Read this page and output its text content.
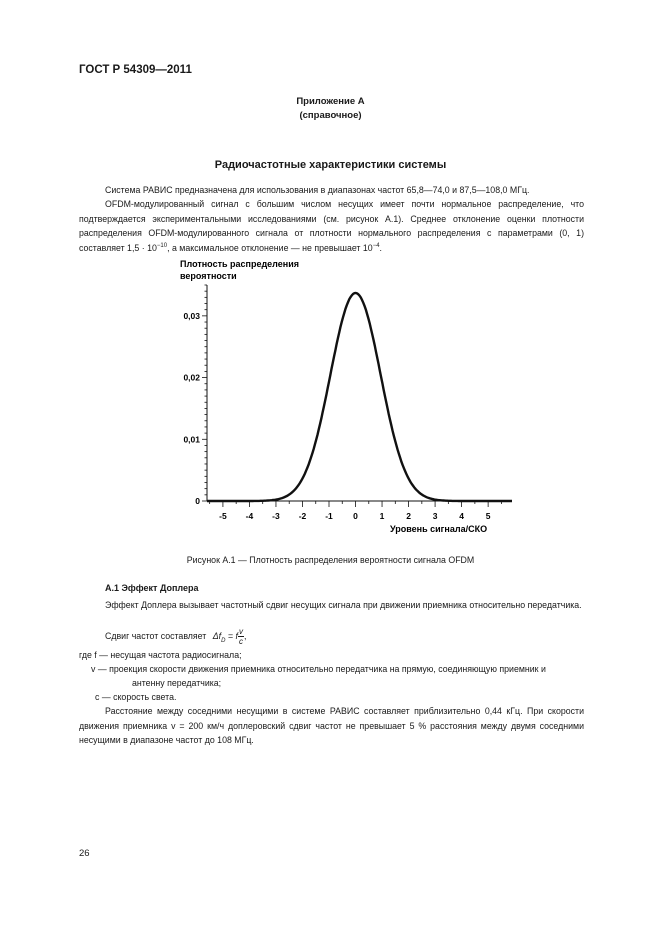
ГОСТ Р 54309—2011
Приложение А
(справочное)
Радиочастотные характеристики системы
Система РАВИС предназначена для использования в диапазонах частот 65,8—74,0 и 87,5—108,0 МГц.
OFDM-модулированный сигнал с большим числом несущих имеет почти нормальное распределение, что подтверждается экспериментальными исследованиями (см. рисунок А.1). Среднее отклонение оценки плотности распределения OFDM-модулированного сигнала от плотности нормального распределения с параметрами (0, 1) составляет $1,5 \cdot 10^{-10}$, а максимальное отклонение — не превышает $10^{-4}$.
Плотность распределения
вероятности
0
0,01
0,02
0,03
-5 -4 -3 -2 -1 0	1	2	3	4	5
Уровень сигнала/СКО
Рисунок А.1 — Плотность распределения вероятности сигнала OFDM
А.1 Эффект Доплера
Эффект Доплера вызывает частотный сдвиг несущих сигнала при движении приемника относительно передатчика.
Сдвиг частот составляет $\Delta f_D = f \frac{v}{c}$ ,
где f — несущая частота радиосигнала;
v — проекция скорости движения приемника относительно передатчика на прямую, соединяющую приемник и
антенну передатчика;
c — скорость света.
Расстояние между соседними несущими в системе РАВИС составляет приблизительно 0,44 кГц. При скорости движения приемника v = 200 км/ч доплеровский сдвиг частот не превышает 5 % расстояния между двумя соседними несущими в диапазоне частот до 108 МГц.
26
